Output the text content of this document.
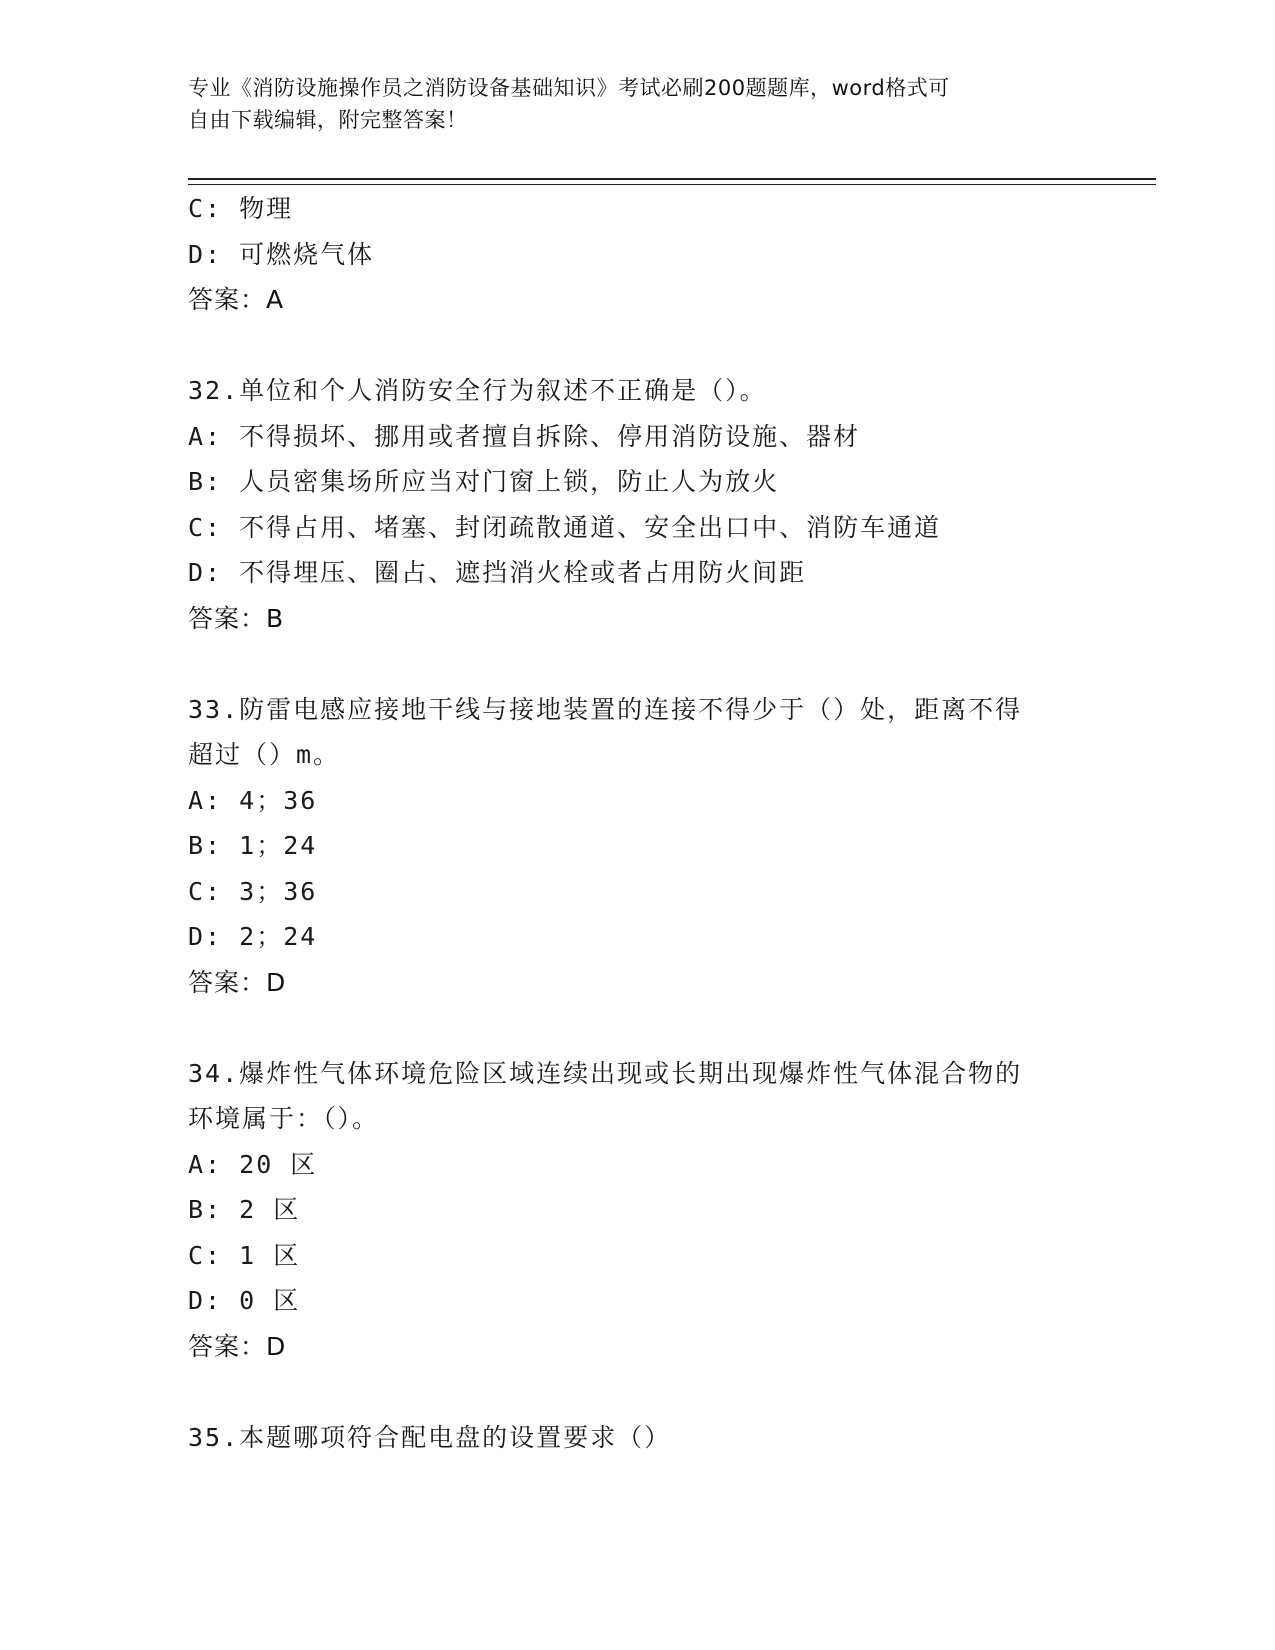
专业《消防设施操作员之消防设备基础知识》考试必刷200题题库，word格式可
自由下载编辑，附完整答案！
C: 物理
D: 可燃烧气体
答案：A
32.单位和个人消防安全行为叙述不正确是（）。
A: 不得损坏、挪用或者擅自拆除、停用消防设施、器材
B: 人员密集场所应当对门窗上锁，防止人为放火
C: 不得占用、堵塞、封闭疏散通道、安全出口中、消防车通道
D: 不得埋压、圈占、遮挡消火栓或者占用防火间距
答案：B
33.防雷电感应接地干线与接地装置的连接不得少于（）处，距离不得
超过（）m。
A: 4；36
B: 1；24
C: 3；36
D: 2；24
答案：D
34.爆炸性气体环境危险区域连续出现或长期出现爆炸性气体混合物的
环境属于：（）。
A: 20 区
B: 2 区
C: 1 区
D: 0 区
答案：D
35.本题哪项符合配电盘的设置要求（）
